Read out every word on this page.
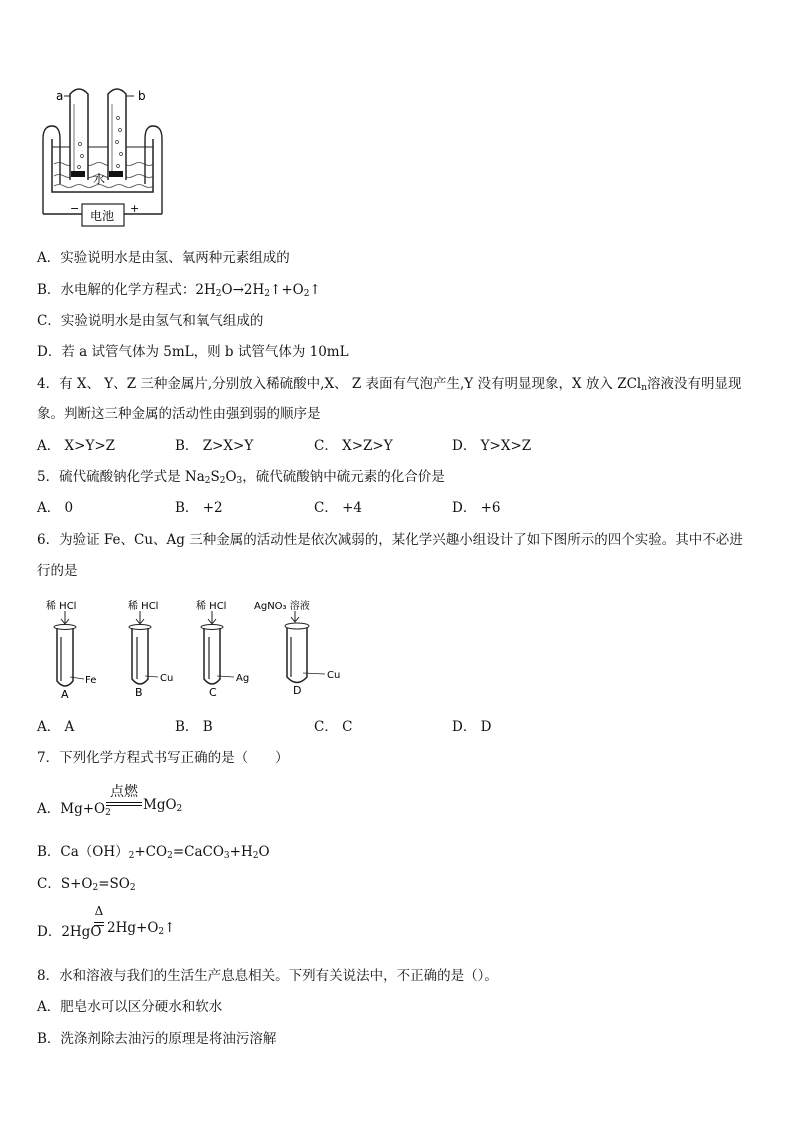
a	b
水
电池
−	+
A．实验说明水是由氢、氧两种元素组成的
B．水电解的化学方程式：$2H_2O\to 2H_2↑+O_2↑$
C．实验说明水是由氢气和氧气组成的
D．若 a 试管气体为 5mL，则 b 试管气体为 10mL
4．有 X、 Y、Z 三种金属片,分别放入稀硫酸中,X、 Z 表面有气泡产生,Y 没有明显现象，X 放入 ZCl$_n$溶液没有明显现
象。判断这三种金属的活动性由强到弱的顺序是
A． X>Y>Z	B． Z>X>Y	C． X>Z>Y	D． Y>X>Z
5．硫代硫酸钠化学式是 $Na_2S_2O_3$，硫代硫酸钠中硫元素的化合价是
A． 0	B． +2	C． +4	D． +6
6．为验证 Fe、Cu、Ag 三种金属的活动性是依次减弱的，某化学兴趣小组设计了如下图所示的四个实验。其中不必进
行的是
稀 HCl
Fe
A
稀 HCl
Cu
B
稀 HCl
Ag
C
AgNO₃ 溶液
Cu
D
A． A	B． B	C． C	D． D
7．下列化学方程式书写正确的是（　　）
A．$Mg+O_2$
点燃
MgO$_2$
B．$Ca(OH)_2+CO_2=CaCO_3+H_2O$
C．$S+O_2=SO_2$
D．2HgO
Δ
$2Hg+O_2↑$
8．水和溶液与我们的生活生产息息相关。下列有关说法中，不正确的是（）。
A．肥皂水可以区分硬水和软水
B．洗涤剂除去油污的原理是将油污溶解
